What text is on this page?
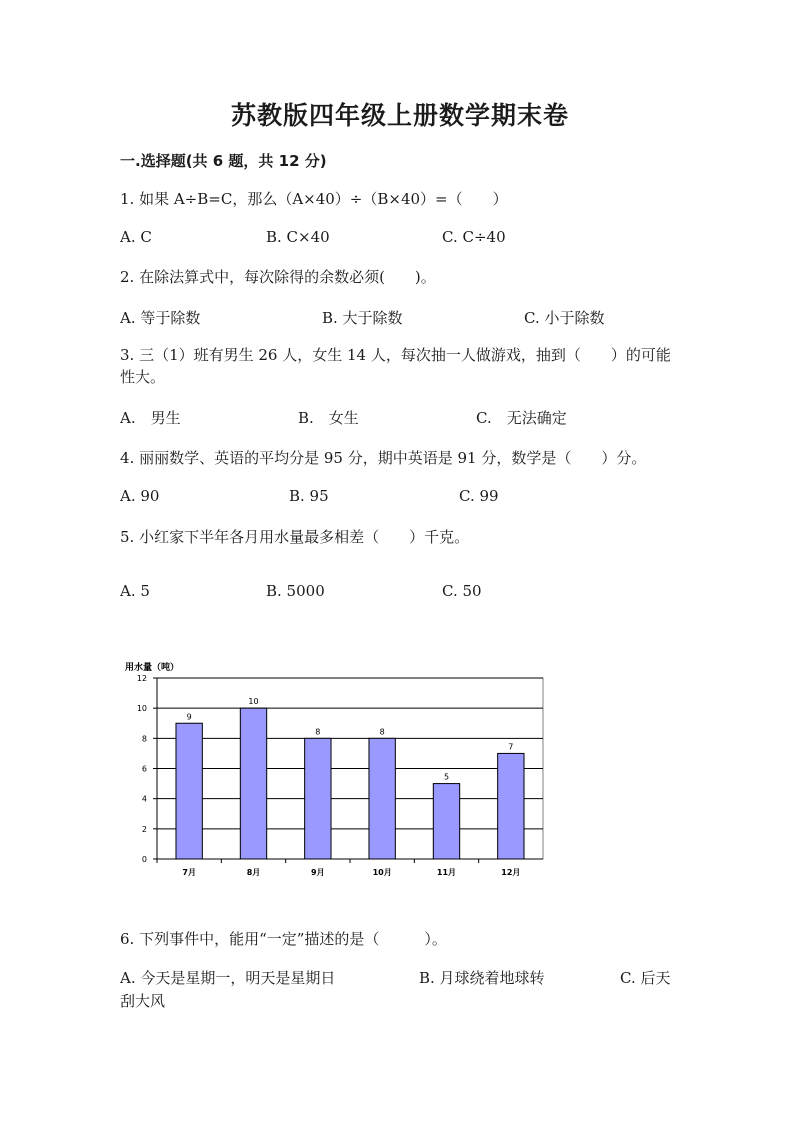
苏教版四年级上册数学期末卷
一.选择题(共 6 题，共 12 分)
1. 如果 A÷B=C，那么（A×40）÷（B×40）=（　　）
A. C	B. C×40	C. C÷40
2. 在除法算式中，每次除得的余数必须(　　)。
A. 等于除数	B. 大于除数	C. 小于除数
3. 三（1）班有男生 26 人，女生 14 人，每次抽一人做游戏，抽到（　　）的可能性大。
A.　男生	B.　女生	C.　无法确定
4. 丽丽数学、英语的平均分是 95 分，期中英语是 91 分，数学是（　　）分。
A. 90	B. 95	C. 99
5. 小红家下半年各月用水量最多相差（　　）千克。
A. 5	B. 5000	C. 50
用水量（吨）
0
2
4
6
8
10
12
9
7月
10
8月
8
9月
8
10月
5
11月
7
12月
6. 下列事件中，能用“一定”描述的是（　　　）。
A. 今天是星期一，明天是星期日	B. 月球绕着地球转	C. 后天
刮大风
